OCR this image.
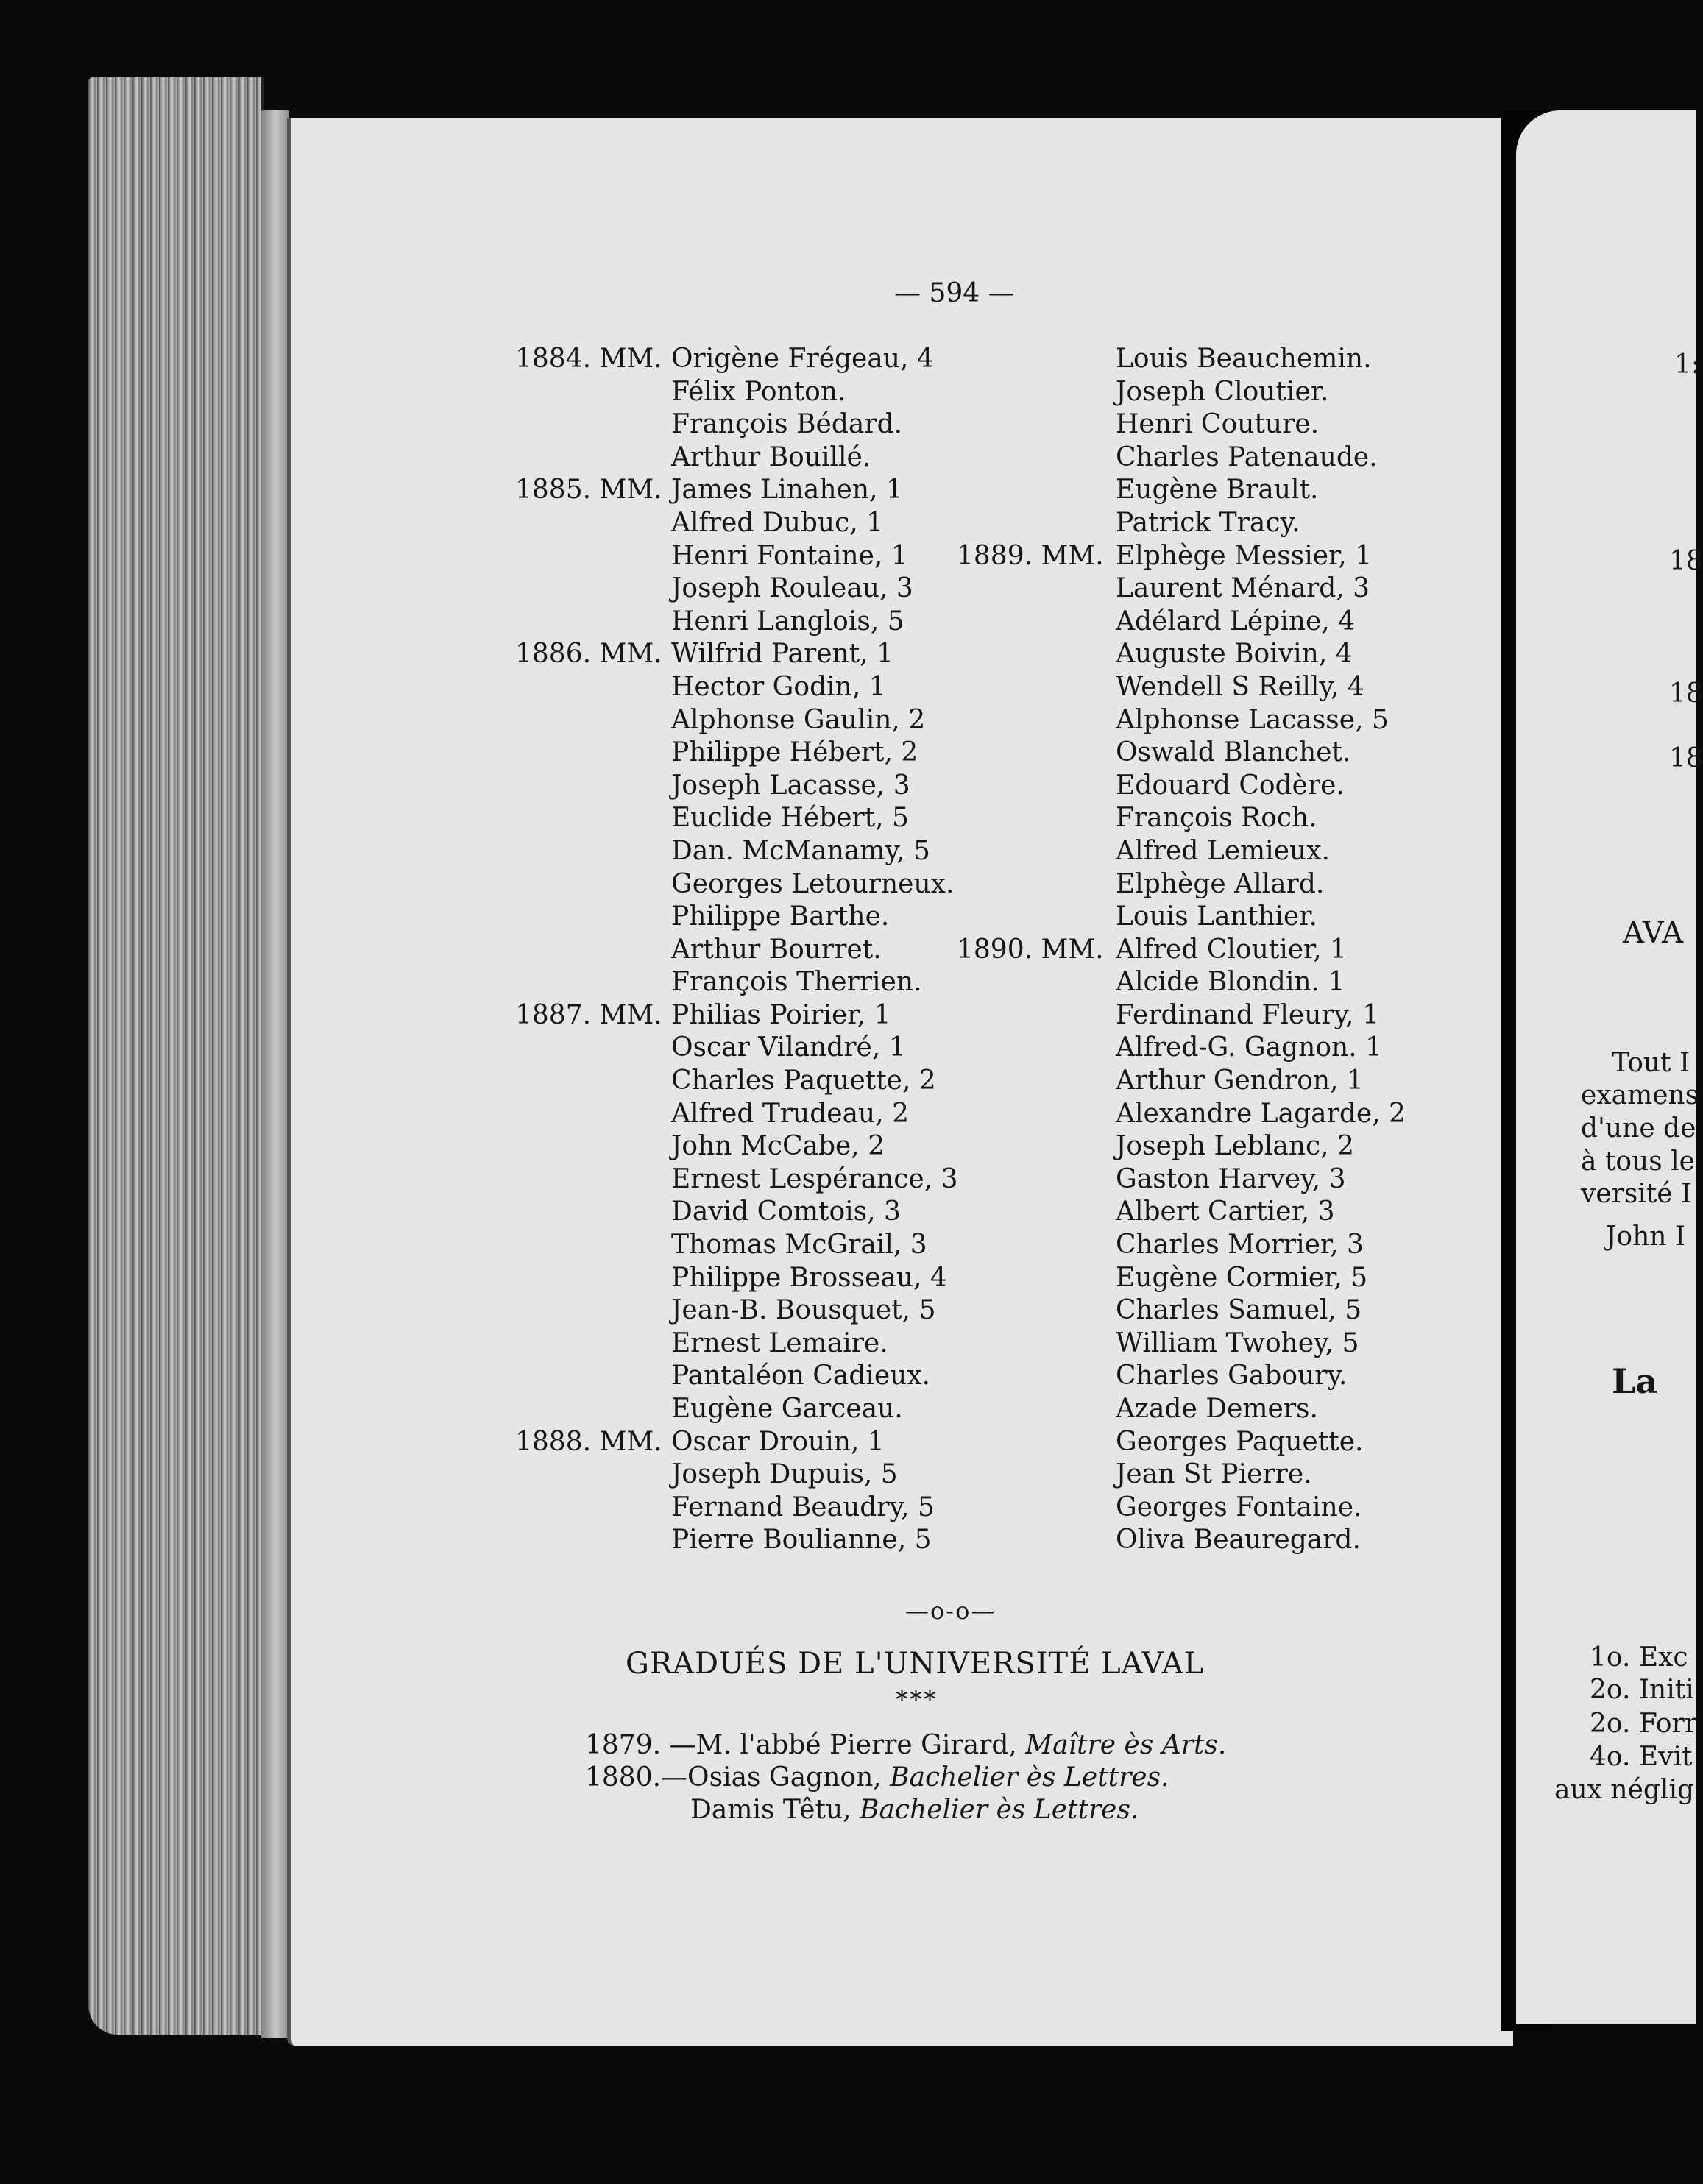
— 594 —
1884. MM. Origène Frégeau, 4
Félix Ponton.
François Bédard.
Arthur Bouillé.
1885. MM. James Linahen, 1
Alfred Dubuc, 1
Henri Fontaine, 1
Joseph Rouleau, 3
Henri Langlois, 5
1886. MM. Wilfrid Parent, 1
Hector Godin, 1
Alphonse Gaulin, 2
Philippe Hébert, 2
Joseph Lacasse, 3
Euclide Hébert, 5
Dan. McManamy, 5
Georges Letourneux.
Philippe Barthe.
Arthur Bourret.
François Therrien.
1887. MM. Philias Poirier, 1
Oscar Vilandré, 1
Charles Paquette, 2
Alfred Trudeau, 2
John McCabe, 2
Ernest Lespérance, 3
David Comtois, 3
Thomas McGrail, 3
Philippe Brosseau, 4
Jean-B. Bousquet, 5
Ernest Lemaire.
Pantaléon Cadieux.
Eugène Garceau.
1888. MM. Oscar Drouin, 1
Joseph Dupuis, 5
Fernand Beaudry, 5
Pierre Boulianne, 5
Louis Beauchemin.
Joseph Cloutier.
Henri Couture.
Charles Patenaude.
Eugène Brault.
Patrick Tracy.
1889. MM. Elphège Messier, 1
Laurent Ménard, 3
Adélard Lépine, 4
Auguste Boivin, 4
Wendell S Reilly, 4
Alphonse Lacasse, 5
Oswald Blanchet.
Edouard Codère.
François Roch.
Alfred Lemieux.
Elphège Allard.
Louis Lanthier.
1890. MM. Alfred Cloutier, 1
Alcide Blondin. 1
Ferdinand Fleury, 1
Alfred-G. Gagnon. 1
Arthur Gendron, 1
Alexandre Lagarde, 2
Joseph Leblanc, 2
Gaston Harvey, 3
Albert Cartier, 3
Charles Morrier, 3
Eugène Cormier, 5
Charles Samuel, 5
William Twohey, 5
Charles Gaboury.
Azade Demers.
Georges Paquette.
Jean St Pierre.
Georges Fontaine.
Oliva Beauregard.
—o-o—
GRADUÉS DE L'UNIVERSITÉ LAVAL
***
1879. —M. l'abbé Pierre Girard, Maître ès Arts.
1880.—Osias Gagnon, Bachelier ès Lettres.
Damis Têtu, Bachelier ès Lettres.
1:
18
18
18
AVA
Tout I
examens
d'une de
à tous le
versité I
John I
La
1o. Exc
2o. Initi
2o. Forr
4o. Evit
aux néglig
